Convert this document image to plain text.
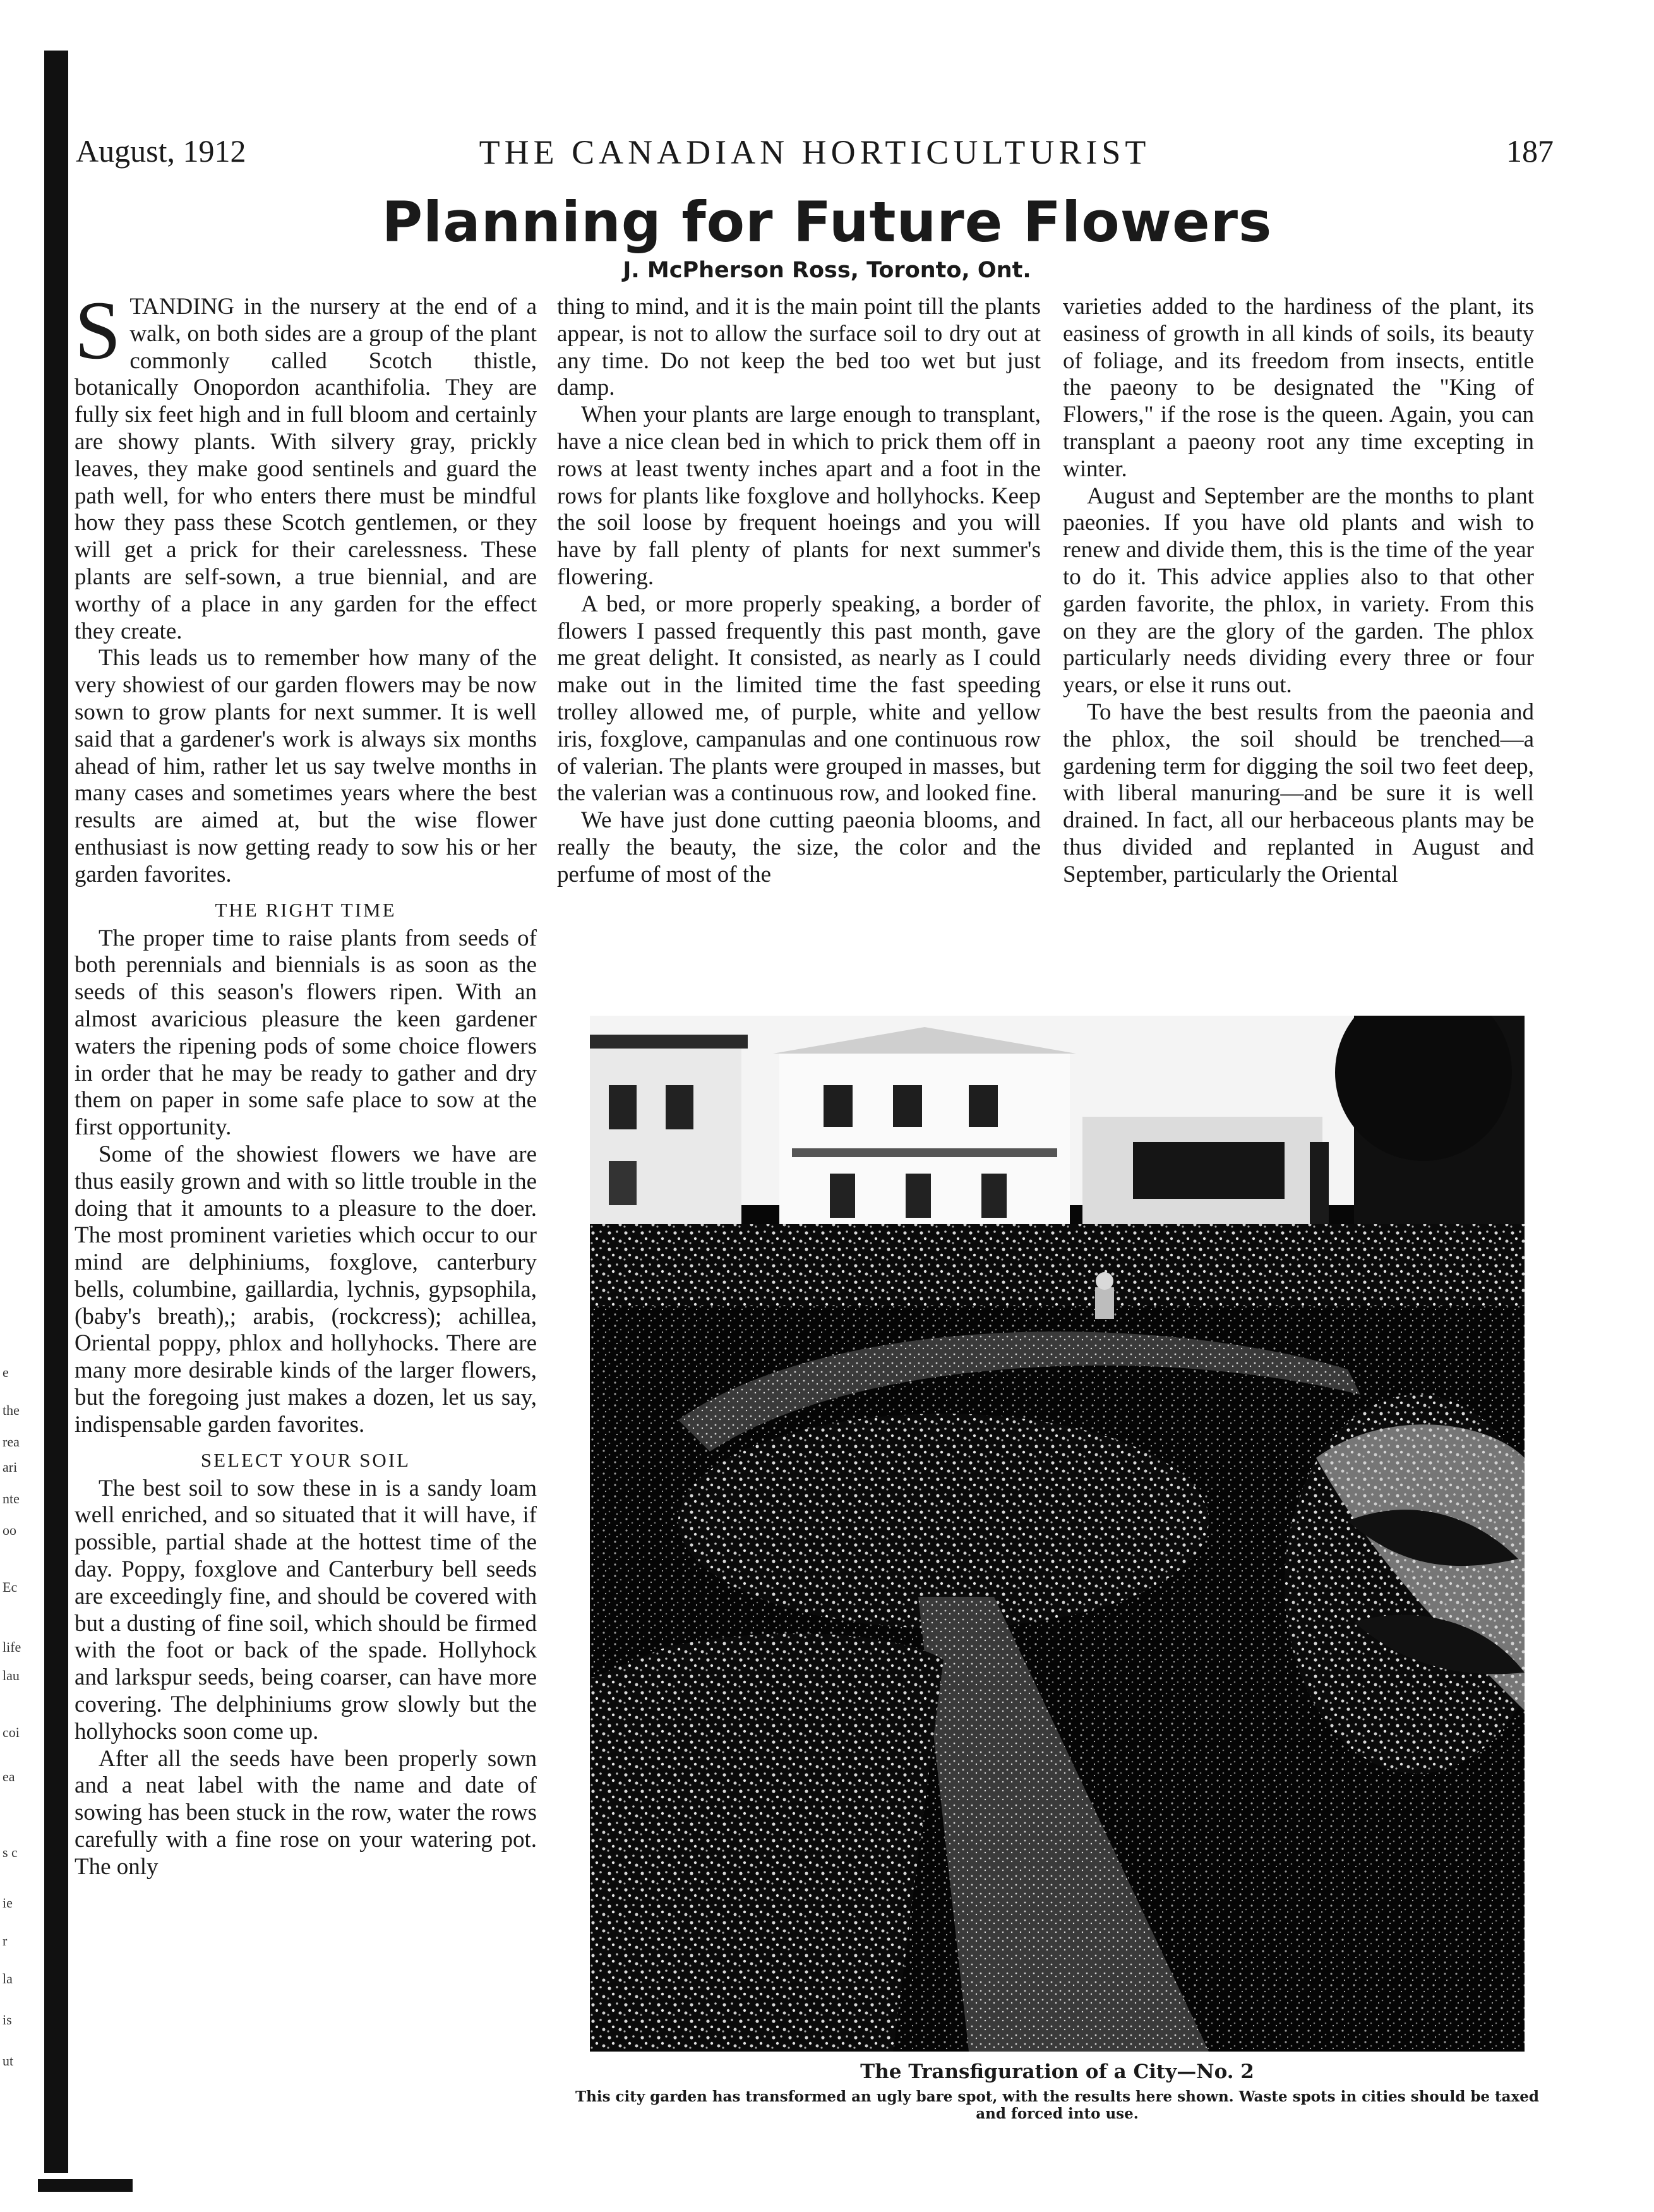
e
the
rea
ari
nte
oo
Ec
life
lau
coi
ea
s c
ie
r
la
is
ut
August, 1912	THE CANADIAN HORTICULTURIST	187
Planning for Future Flowers
J. McPherson Ross, Toronto, Ont.

STANDING in the nursery at the end of a walk, on both sides are a group of the plant commonly called Scotch thistle, botanically Onopordon acanthifolia. They are fully six feet high and in full bloom and certainly are showy plants. With silvery gray, prickly leaves, they make good sentinels and guard the path well, for who enters there must be mindful how they pass these Scotch gentlemen, or they will get a prick for their carelessness. These plants are self-sown, a true biennial, and are worthy of a place in any garden for the effect they create.

This leads us to remember how many of the very showiest of our garden flowers may be now sown to grow plants for next summer. It is well said that a gardener's work is always six months ahead of him, rather let us say twelve months in many cases and sometimes years where the best results are aimed at, but the wise flower enthusiast is now getting ready to sow his or her garden favorites.

THE RIGHT TIME

The proper time to raise plants from seeds of both perennials and biennials is as soon as the seeds of this season's flowers ripen. With an almost avaricious pleasure the keen gardener waters the ripening pods of some choice flowers in order that he may be ready to gather and dry them on paper in some safe place to sow at the first opportunity.

Some of the showiest flowers we have are thus easily grown and with so little trouble in the doing that it amounts to a pleasure to the doer. The most prominent varieties which occur to our mind are delphiniums, foxglove, canterbury bells, columbine, gaillardia, lychnis, gypsophila, (baby's breath),; arabis, (rockcress); achillea, Oriental poppy, phlox and hollyhocks. There are many more desirable kinds of the larger flowers, but the foregoing just makes a dozen, let us say, indispensable garden favorites.

SELECT YOUR SOIL

The best soil to sow these in is a sandy loam well enriched, and so situated that it will have, if possible, partial shade at the hottest time of the day. Poppy, foxglove and Canterbury bell seeds are exceedingly fine, and should be covered with but a dusting of fine soil, which should be firmed with the foot or back of the spade. Hollyhock and larkspur seeds, being coarser, can have more covering. The delphiniums grow slowly but the hollyhocks soon come up.

After all the seeds have been properly sown and a neat label with the name and date of sowing has been stuck in the row, water the rows carefully with a fine rose on your watering pot. The only

thing to mind, and it is the main point till the plants appear, is not to allow the surface soil to dry out at any time. Do not keep the bed too wet but just damp.

When your plants are large enough to transplant, have a nice clean bed in which to prick them off in rows at least twenty inches apart and a foot in the rows for plants like foxglove and hollyhocks. Keep the soil loose by frequent hoeings and you will have by fall plenty of plants for next summer's flowering.

A bed, or more properly speaking, a border of flowers I passed frequently this past month, gave me great delight. It consisted, as nearly as I could make out in the limited time the fast speeding trolley allowed me, of purple, white and yellow iris, foxglove, campanulas and one continuous row of valerian. The plants were grouped in masses, but the valerian was a continuous row, and looked fine.

We have just done cutting paeonia blooms, and really the beauty, the size, the color and the perfume of most of the

varieties added to the hardiness of the plant, its easiness of growth in all kinds of soils, its beauty of foliage, and its freedom from insects, entitle the paeony to be designated the "King of Flowers," if the rose is the queen. Again, you can transplant a paeony root any time excepting in winter.

August and September are the months to plant paeonies. If you have old plants and wish to renew and divide them, this is the time of the year to do it. This advice applies also to that other garden favorite, the phlox, in variety. From this on they are the glory of the garden. The phlox particularly needs dividing every three or four years, or else it runs out.

To have the best results from the paeonia and the phlox, the soil should be trenched—a gardening term for digging the soil two feet deep, with liberal manuring—and be sure it is well drained. In fact, all our herbaceous plants may be thus divided and replanted in August and September, particularly the Oriental

The Transfiguration of a City—No. 2
This city garden has transformed an ugly bare spot, with the results here shown. Waste spots in cities should be taxed and forced into use.
